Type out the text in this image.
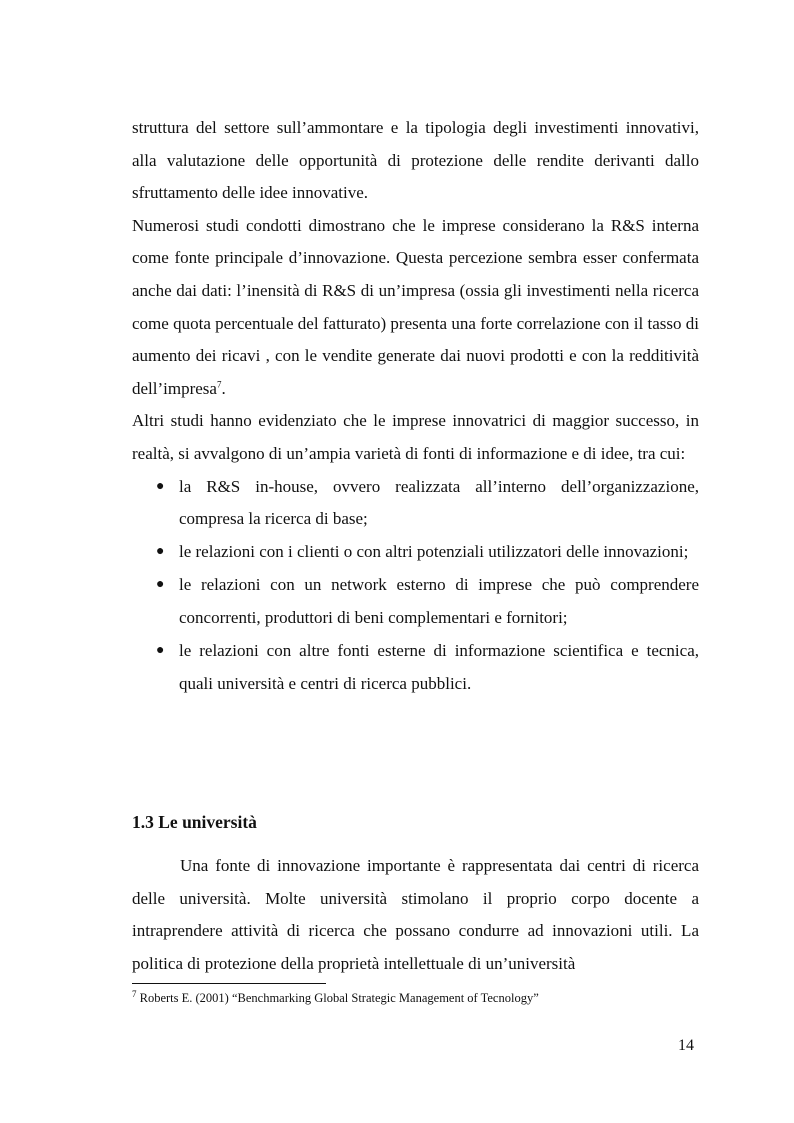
struttura del settore sull’ammontare e la tipologia degli investimenti innovativi, alla valutazione delle opportunità di protezione delle rendite derivanti dallo sfruttamento delle idee innovative.

Numerosi studi condotti dimostrano che le imprese considerano la R&S interna come fonte principale d’innovazione. Questa percezione sembra esser confermata anche dai dati: l’inensità di R&S di un’impresa (ossia gli investimenti nella ricerca come quota percentuale del fatturato) presenta una forte correlazione con il tasso di aumento dei ricavi , con le vendite generate dai nuovi prodotti e con la redditività dell’impresa$^7$.

Altri studi hanno evidenziato che le imprese innovatrici di maggior successo, in realtà, si avvalgono di un’ampia varietà di fonti di informazione e di idee, tra cui:

● la R&S in-house, ovvero realizzata all’interno dell’organizzazione, compresa la ricerca di base;
● le relazioni con i clienti o con altri potenziali utilizzatori delle innovazioni;
● le relazioni con un network esterno di imprese che può comprendere concorrenti, produttori di beni complementari e fornitori;
● le relazioni con altre fonti esterne di informazione scientifica e tecnica, quali università e centri di ricerca pubblici.
1.3 Le università

Una fonte di innovazione importante è rappresentata dai centri di ricerca delle università. Molte università stimolano il proprio corpo docente a intraprendere attività di ricerca che possano condurre ad innovazioni utili. La politica di protezione della proprietà intellettuale di un’università

$^7$ Roberts E. (2001) “Benchmarking Global Strategic Management of Tecnology”
14
